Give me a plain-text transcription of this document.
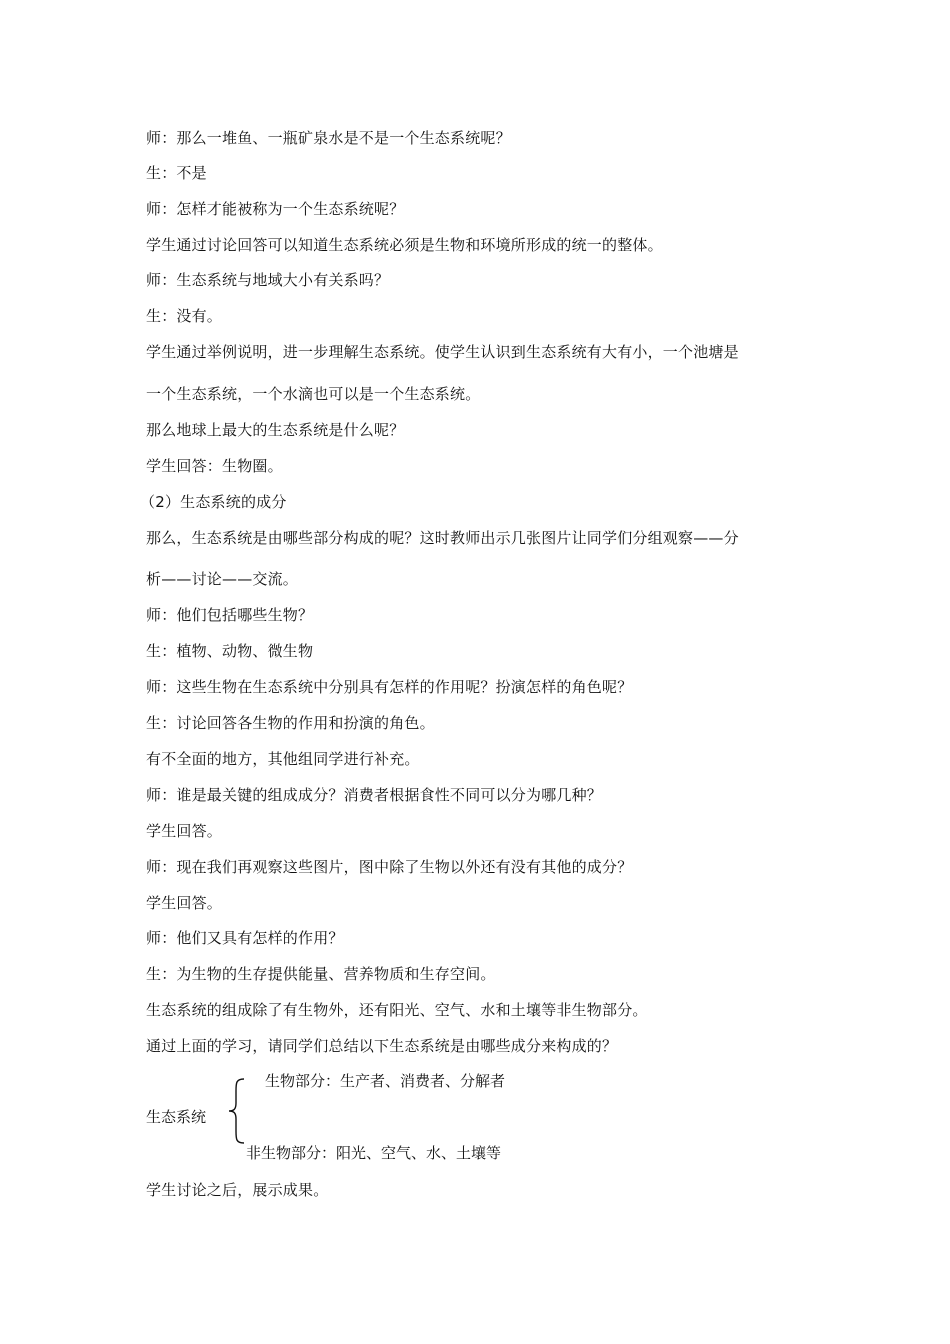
师：那么一堆鱼、一瓶矿泉水是不是一个生态系统呢？
生：不是
师：怎样才能被称为一个生态系统呢？
学生通过讨论回答可以知道生态系统必须是生物和环境所形成的统一的整体。
师：生态系统与地域大小有关系吗？
生：没有。
学生通过举例说明，进一步理解生态系统。使学生认识到生态系统有大有小，一个池塘是
一个生态系统，一个水滴也可以是一个生态系统。
那么地球上最大的生态系统是什么呢？
学生回答：生物圈。
（2）生态系统的成分
那么，生态系统是由哪些部分构成的呢？这时教师出示几张图片让同学们分组观察——分
析——讨论——交流。
师：他们包括哪些生物？
生：植物、动物、微生物
师：这些生物在生态系统中分别具有怎样的作用呢？扮演怎样的角色呢？
生：讨论回答各生物的作用和扮演的角色。
有不全面的地方，其他组同学进行补充。
师：谁是最关键的组成成分？消费者根据食性不同可以分为哪几种？
学生回答。
师：现在我们再观察这些图片，图中除了生物以外还有没有其他的成分？
学生回答。
师：他们又具有怎样的作用？
生：为生物的生存提供能量、营养物质和生存空间。
生态系统的组成除了有生物外，还有阳光、空气、水和土壤等非生物部分。
通过上面的学习，请同学们总结以下生态系统是由哪些成分来构成的？
生态系统
生物部分：生产者、消费者、分解者
非生物部分：阳光、空气、水、土壤等
学生讨论之后，展示成果。
